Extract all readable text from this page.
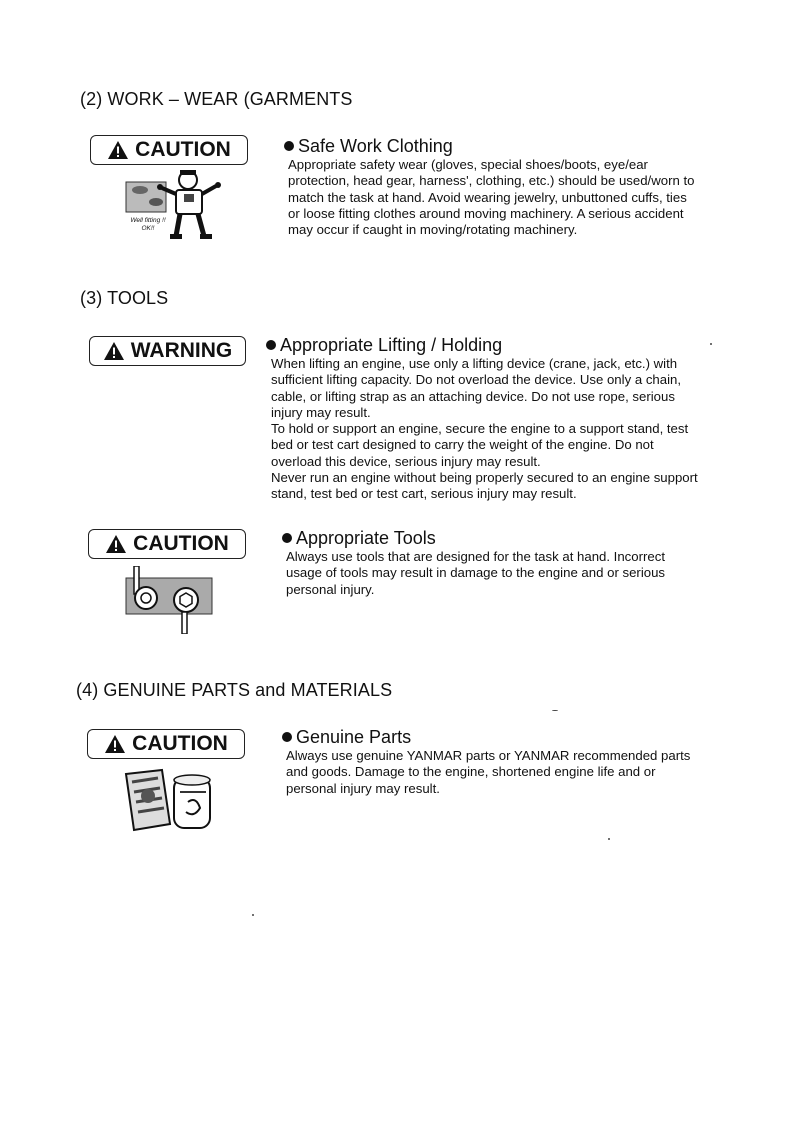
(2) WORK – WEAR (GARMENTS
(3) TOOLS
(4) GENUINE PARTS and MATERIALS
CAUTION
Well fitting !!
OK!!
Safe Work Clothing

Appropriate safety wear (gloves, special shoes/boots, eye/ear

protection, head gear, harness', clothing, etc.) should be used/worn to

match the task at hand. Avoid wearing jewelry, unbuttoned cuffs, ties

or loose fitting clothes around moving machinery. A serious accident

may occur if caught in moving/rotating machinery.

WARNING	Appropriate Lifting / Holding

When lifting an engine, use only a lifting device (crane, jack, etc.) with

sufficient lifting capacity. Do not overload the device. Use only a chain,

cable, or lifting strap as an attaching device. Do not use rope, serious

injury may result.

To hold or support an engine, secure the engine to a support stand, test

bed or test cart designed to carry the weight of the engine. Do not

overload this device, serious injury may result.

Never run an engine without being properly secured to an engine support

stand, test bed or test cart, serious injury may result.

CAUTION	Appropriate Tools

Always use tools that are designed for the task at hand. Incorrect

usage of tools may result in damage to the engine and or serious

personal injury.

CAUTION	Genuine Parts

Always use genuine YANMAR parts or YANMAR recommended parts

and goods. Damage to the engine, shortened engine life and or

personal injury may result.
